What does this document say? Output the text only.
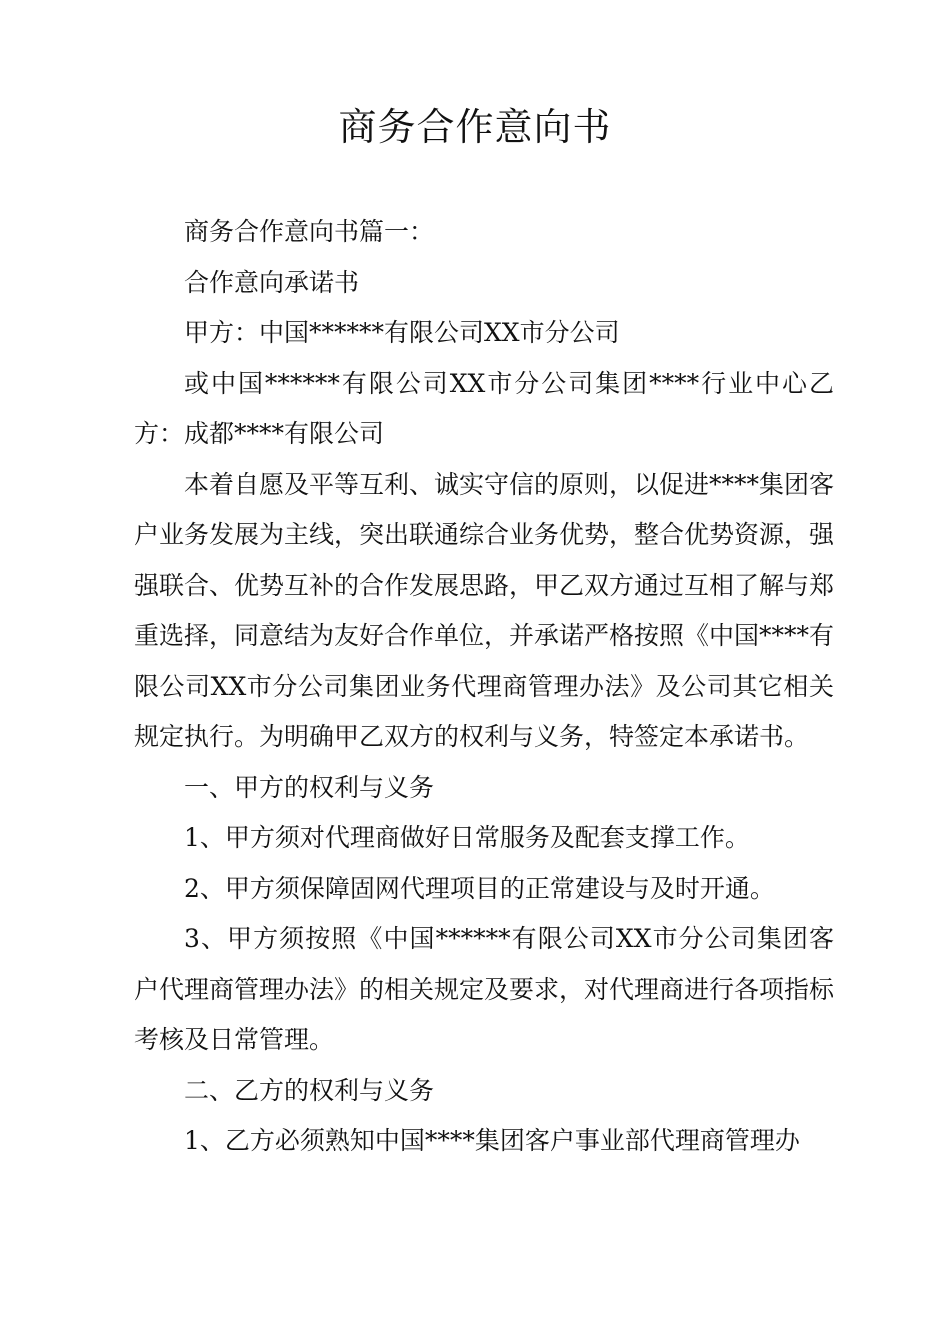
商务合作意向书

商务合作意向书篇一：

合作意向承诺书

甲方：中国******有限公司XX市分公司

或中国******有限公司XX市分公司集团****行业中心乙方：成都****有限公司

本着自愿及平等互利、诚实守信的原则，以促进****集团客户业务发展为主线，突出联通综合业务优势，整合优势资源，强强联合、优势互补的合作发展思路，甲乙双方通过互相了解与郑重选择，同意结为友好合作单位，并承诺严格按照《中国****有限公司XX市分公司集团业务代理商管理办法》及公司其它相关规定执行。为明确甲乙双方的权利与义务，特签定本承诺书。

一、甲方的权利与义务

1、甲方须对代理商做好日常服务及配套支撑工作。

2、甲方须保障固网代理项目的正常建设与及时开通。

3、甲方须按照《中国******有限公司XX市分公司集团客户代理商管理办法》的相关规定及要求，对代理商进行各项指标考核及日常管理。

二、乙方的权利与义务

1、乙方必须熟知中国****集团客户事业部代理商管理办
